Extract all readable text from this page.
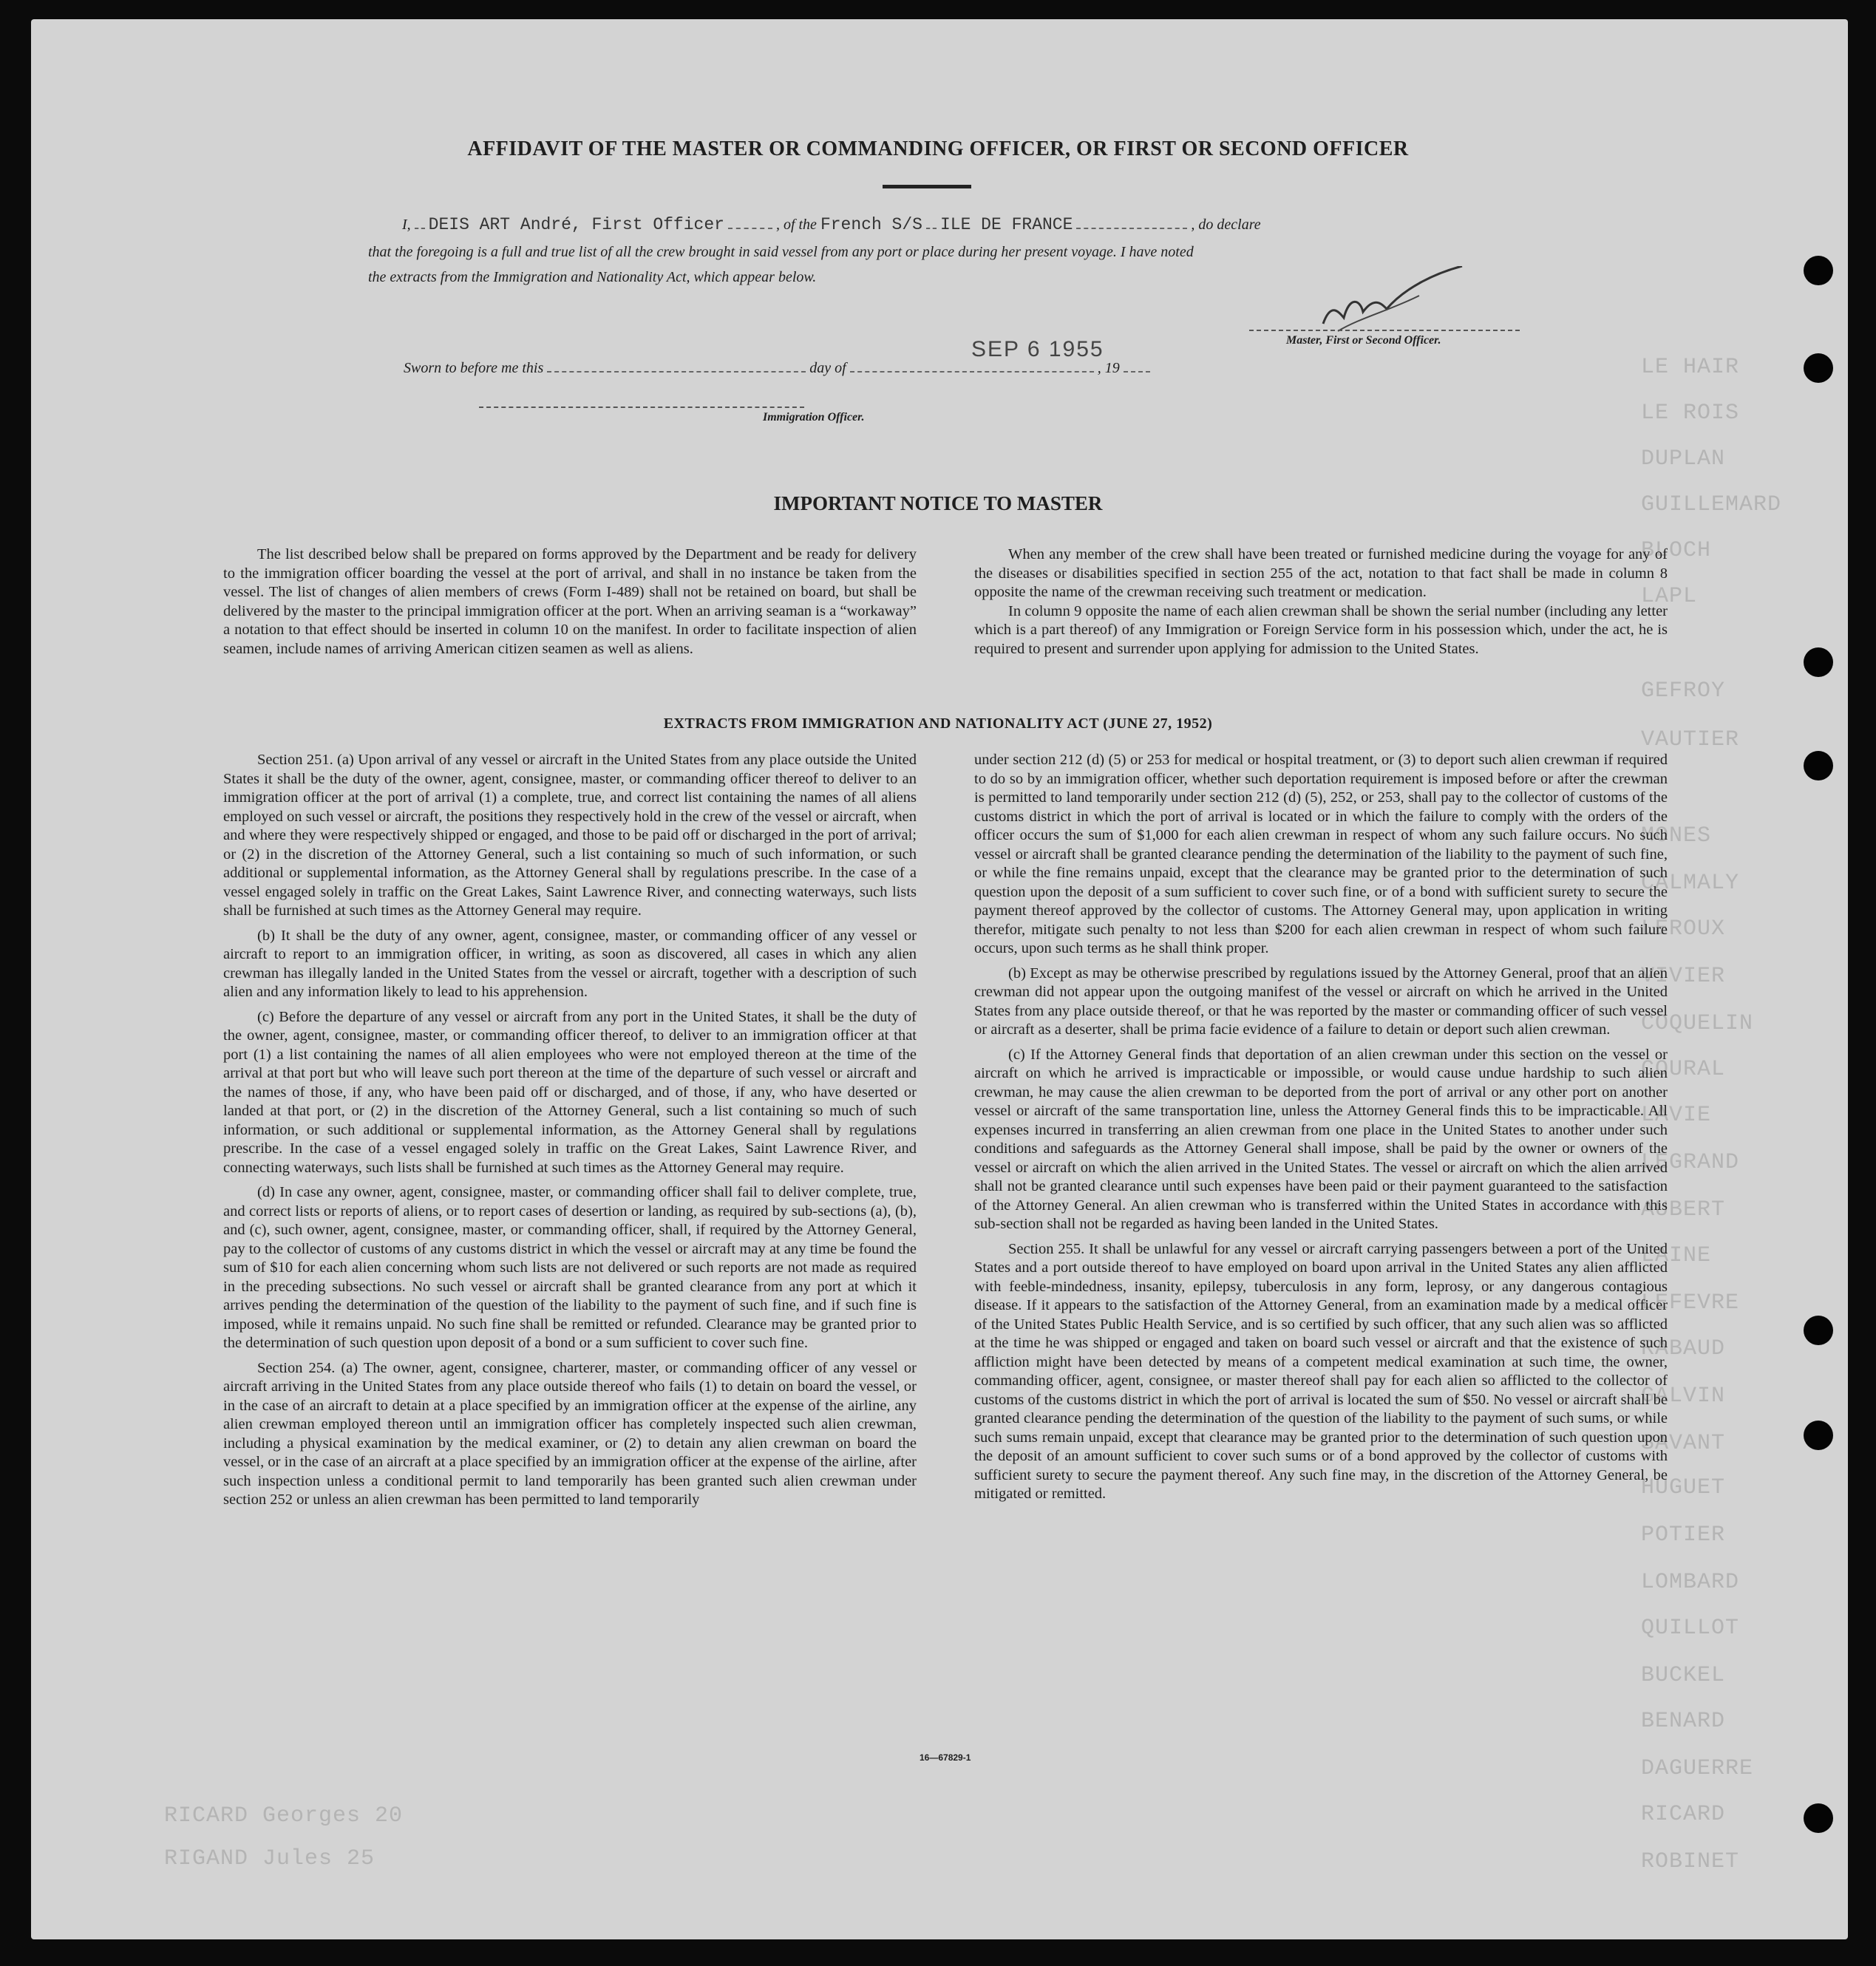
LE HAIR
LE ROIS
DUPLAN
GUILLEMARD
BLOCH
LAPL
GEFROY
VAUTIER
MONES
CALMALY
LEROUX
VIVIER
COQUELIN
COURAL
LAVIE
LEGRAND
AUBERT
LAINE
LEFEVRE
RABAUD
GALVIN
SAVANT
HUGUET
POTIER
LOMBARD
QUILLOT
BUCKEL
BENARD
DAGUERRE
RICARD
ROBINET
RICARD Georges 20
RIGAND Jules 25
AFFIDAVIT OF THE MASTER OR COMMANDING OFFICER, OR FIRST OR SECOND OFFICER
I, DEIS ART André, First Officer	, of the French S/S ILE DE FRANCE	, do declare
that the foregoing is a full and true list of all the crew brought in said vessel from any port or place during her present voyage. I have noted
the extracts from the Immigration and Nationality Act, which appear below.
Master, First or Second Officer.
Sworn to before me this	day of	, 19
SEP 6 1955
Immigration Officer.
IMPORTANT NOTICE TO MASTER

The list described below shall be prepared on forms approved by the Department and be ready for delivery to the immigration officer boarding the vessel at the port of arrival, and shall in no instance be taken from the vessel. The list of changes of alien members of crews (Form I-489) shall not be retained on board, but shall be delivered by the master to the principal immigration officer at the port. When an arriving seaman is a “workaway” a notation to that effect should be inserted in column 10 on the manifest. In order to facilitate inspection of alien seamen, include names of arriving American citizen seamen as well as aliens.

When any member of the crew shall have been treated or furnished medicine during the voyage for any of the diseases or disabilities specified in section 255 of the act, notation to that fact shall be made in column 8 opposite the name of the crewman receiving such treatment or medication.

In column 9 opposite the name of each alien crewman shall be shown the serial number (including any letter which is a part thereof) of any Immigration or Foreign Service form in his possession which, under the act, he is required to present and surrender upon applying for admission to the United States.

EXTRACTS FROM IMMIGRATION AND NATIONALITY ACT (JUNE 27, 1952)

Section 251. (a) Upon arrival of any vessel or aircraft in the United States from any place outside the United States it shall be the duty of the owner, agent, consignee, master, or commanding officer thereof to deliver to an immigration officer at the port of arrival (1) a complete, true, and correct list containing the names of all aliens employed on such vessel or aircraft, the positions they respectively hold in the crew of the vessel or aircraft, when and where they were respectively shipped or engaged, and those to be paid off or discharged in the port of arrival; or (2) in the discretion of the Attorney General, such a list containing so much of such information, or such additional or supplemental information, as the Attorney General shall by regulations prescribe. In the case of a vessel engaged solely in traffic on the Great Lakes, Saint Lawrence River, and connecting waterways, such lists shall be furnished at such times as the Attorney General may require.

(b) It shall be the duty of any owner, agent, consignee, master, or commanding officer of any vessel or aircraft to report to an immigration officer, in writing, as soon as discovered, all cases in which any alien crewman has illegally landed in the United States from the vessel or aircraft, together with a description of such alien and any information likely to lead to his apprehension.

(c) Before the departure of any vessel or aircraft from any port in the United States, it shall be the duty of the owner, agent, consignee, master, or commanding officer thereof, to deliver to an immigration officer at that port (1) a list containing the names of all alien employees who were not employed thereon at the time of the arrival at that port but who will leave such port thereon at the time of the departure of such vessel or aircraft and the names of those, if any, who have been paid off or discharged, and of those, if any, who have deserted or landed at that port, or (2) in the discretion of the Attorney General, such a list containing so much of such information, or such additional or supplemental information, as the Attorney General shall by regulations prescribe. In the case of a vessel engaged solely in traffic on the Great Lakes, Saint Lawrence River, and connecting waterways, such lists shall be furnished at such times as the Attorney General may require.

(d) In case any owner, agent, consignee, master, or commanding officer shall fail to deliver complete, true, and correct lists or reports of aliens, or to report cases of desertion or landing, as required by sub-sections (a), (b), and (c), such owner, agent, consignee, master, or commanding officer, shall, if required by the Attorney General, pay to the collector of customs of any customs district in which the vessel or aircraft may at any time be found the sum of $10 for each alien concerning whom such lists are not delivered or such reports are not made as required in the preceding subsections. No such vessel or aircraft shall be granted clearance from any port at which it arrives pending the determination of the question of the liability to the payment of such fine, and if such fine is imposed, while it remains unpaid. No such fine shall be remitted or refunded. Clearance may be granted prior to the determination of such question upon deposit of a bond or a sum sufficient to cover such fine.

Section 254. (a) The owner, agent, consignee, charterer, master, or commanding officer of any vessel or aircraft arriving in the United States from any place outside thereof who fails (1) to detain on board the vessel, or in the case of an aircraft to detain at a place specified by an immigration officer at the expense of the airline, any alien crewman employed thereon until an immigration officer has completely inspected such alien crewman, including a physical examination by the medical examiner, or (2) to detain any alien crewman on board the vessel, or in the case of an aircraft at a place specified by an immigration officer at the expense of the airline, after such inspection unless a conditional permit to land temporarily has been granted such alien crewman under section 252 or unless an alien crewman has been permitted to land temporarily

under section 212 (d) (5) or 253 for medical or hospital treatment, or (3) to deport such alien crewman if required to do so by an immigration officer, whether such deportation requirement is imposed before or after the crewman is permitted to land temporarily under section 212 (d) (5), 252, or 253, shall pay to the collector of customs of the customs district in which the port of arrival is located or in which the failure to comply with the orders of the officer occurs the sum of $1,000 for each alien crewman in respect of whom any such failure occurs. No such vessel or aircraft shall be granted clearance pending the determination of the liability to the payment of such fine, or while the fine remains unpaid, except that the clearance may be granted prior to the determination of such question upon the deposit of a sum sufficient to cover such fine, or of a bond with sufficient surety to secure the payment thereof approved by the collector of customs. The Attorney General may, upon application in writing therefor, mitigate such penalty to not less than $200 for each alien crewman in respect of whom such failure occurs, upon such terms as he shall think proper.

(b) Except as may be otherwise prescribed by regulations issued by the Attorney General, proof that an alien crewman did not appear upon the outgoing manifest of the vessel or aircraft on which he arrived in the United States from any place outside thereof, or that he was reported by the master or commanding officer of such vessel or aircraft as a deserter, shall be prima facie evidence of a failure to detain or deport such alien crewman.

(c) If the Attorney General finds that deportation of an alien crewman under this section on the vessel or aircraft on which he arrived is impracticable or impossible, or would cause undue hardship to such alien crewman, he may cause the alien crewman to be deported from the port of arrival or any other port on another vessel or aircraft of the same transportation line, unless the Attorney General finds this to be impracticable. All expenses incurred in transferring an alien crewman from one place in the United States to another under such conditions and safeguards as the Attorney General shall impose, shall be paid by the owner or owners of the vessel or aircraft on which the alien arrived in the United States. The vessel or aircraft on which the alien arrived shall not be granted clearance until such expenses have been paid or their payment guaranteed to the satisfaction of the Attorney General. An alien crewman who is transferred within the United States in accordance with this sub-section shall not be regarded as having been landed in the United States.

Section 255. It shall be unlawful for any vessel or aircraft carrying passengers between a port of the United States and a port outside thereof to have employed on board upon arrival in the United States any alien afflicted with feeble-mindedness, insanity, epilepsy, tuberculosis in any form, leprosy, or any dangerous contagious disease. If it appears to the satisfaction of the Attorney General, from an examination made by a medical officer of the United States Public Health Service, and is so certified by such officer, that any such alien was so afflicted at the time he was shipped or engaged and taken on board such vessel or aircraft and that the existence of such affliction might have been detected by means of a competent medical examination at such time, the owner, commanding officer, agent, consignee, or master thereof shall pay for each alien so afflicted to the collector of customs of the customs district in which the port of arrival is located the sum of $50. No vessel or aircraft shall be granted clearance pending the determination of the question of the liability to the payment of such sums, or while such sums remain unpaid, except that clearance may be granted prior to the determination of such question upon the deposit of an amount sufficient to cover such sums or of a bond approved by the collector of customs with sufficient surety to secure the payment thereof. Any such fine may, in the discretion of the Attorney General, be mitigated or remitted.

16—67829-1
